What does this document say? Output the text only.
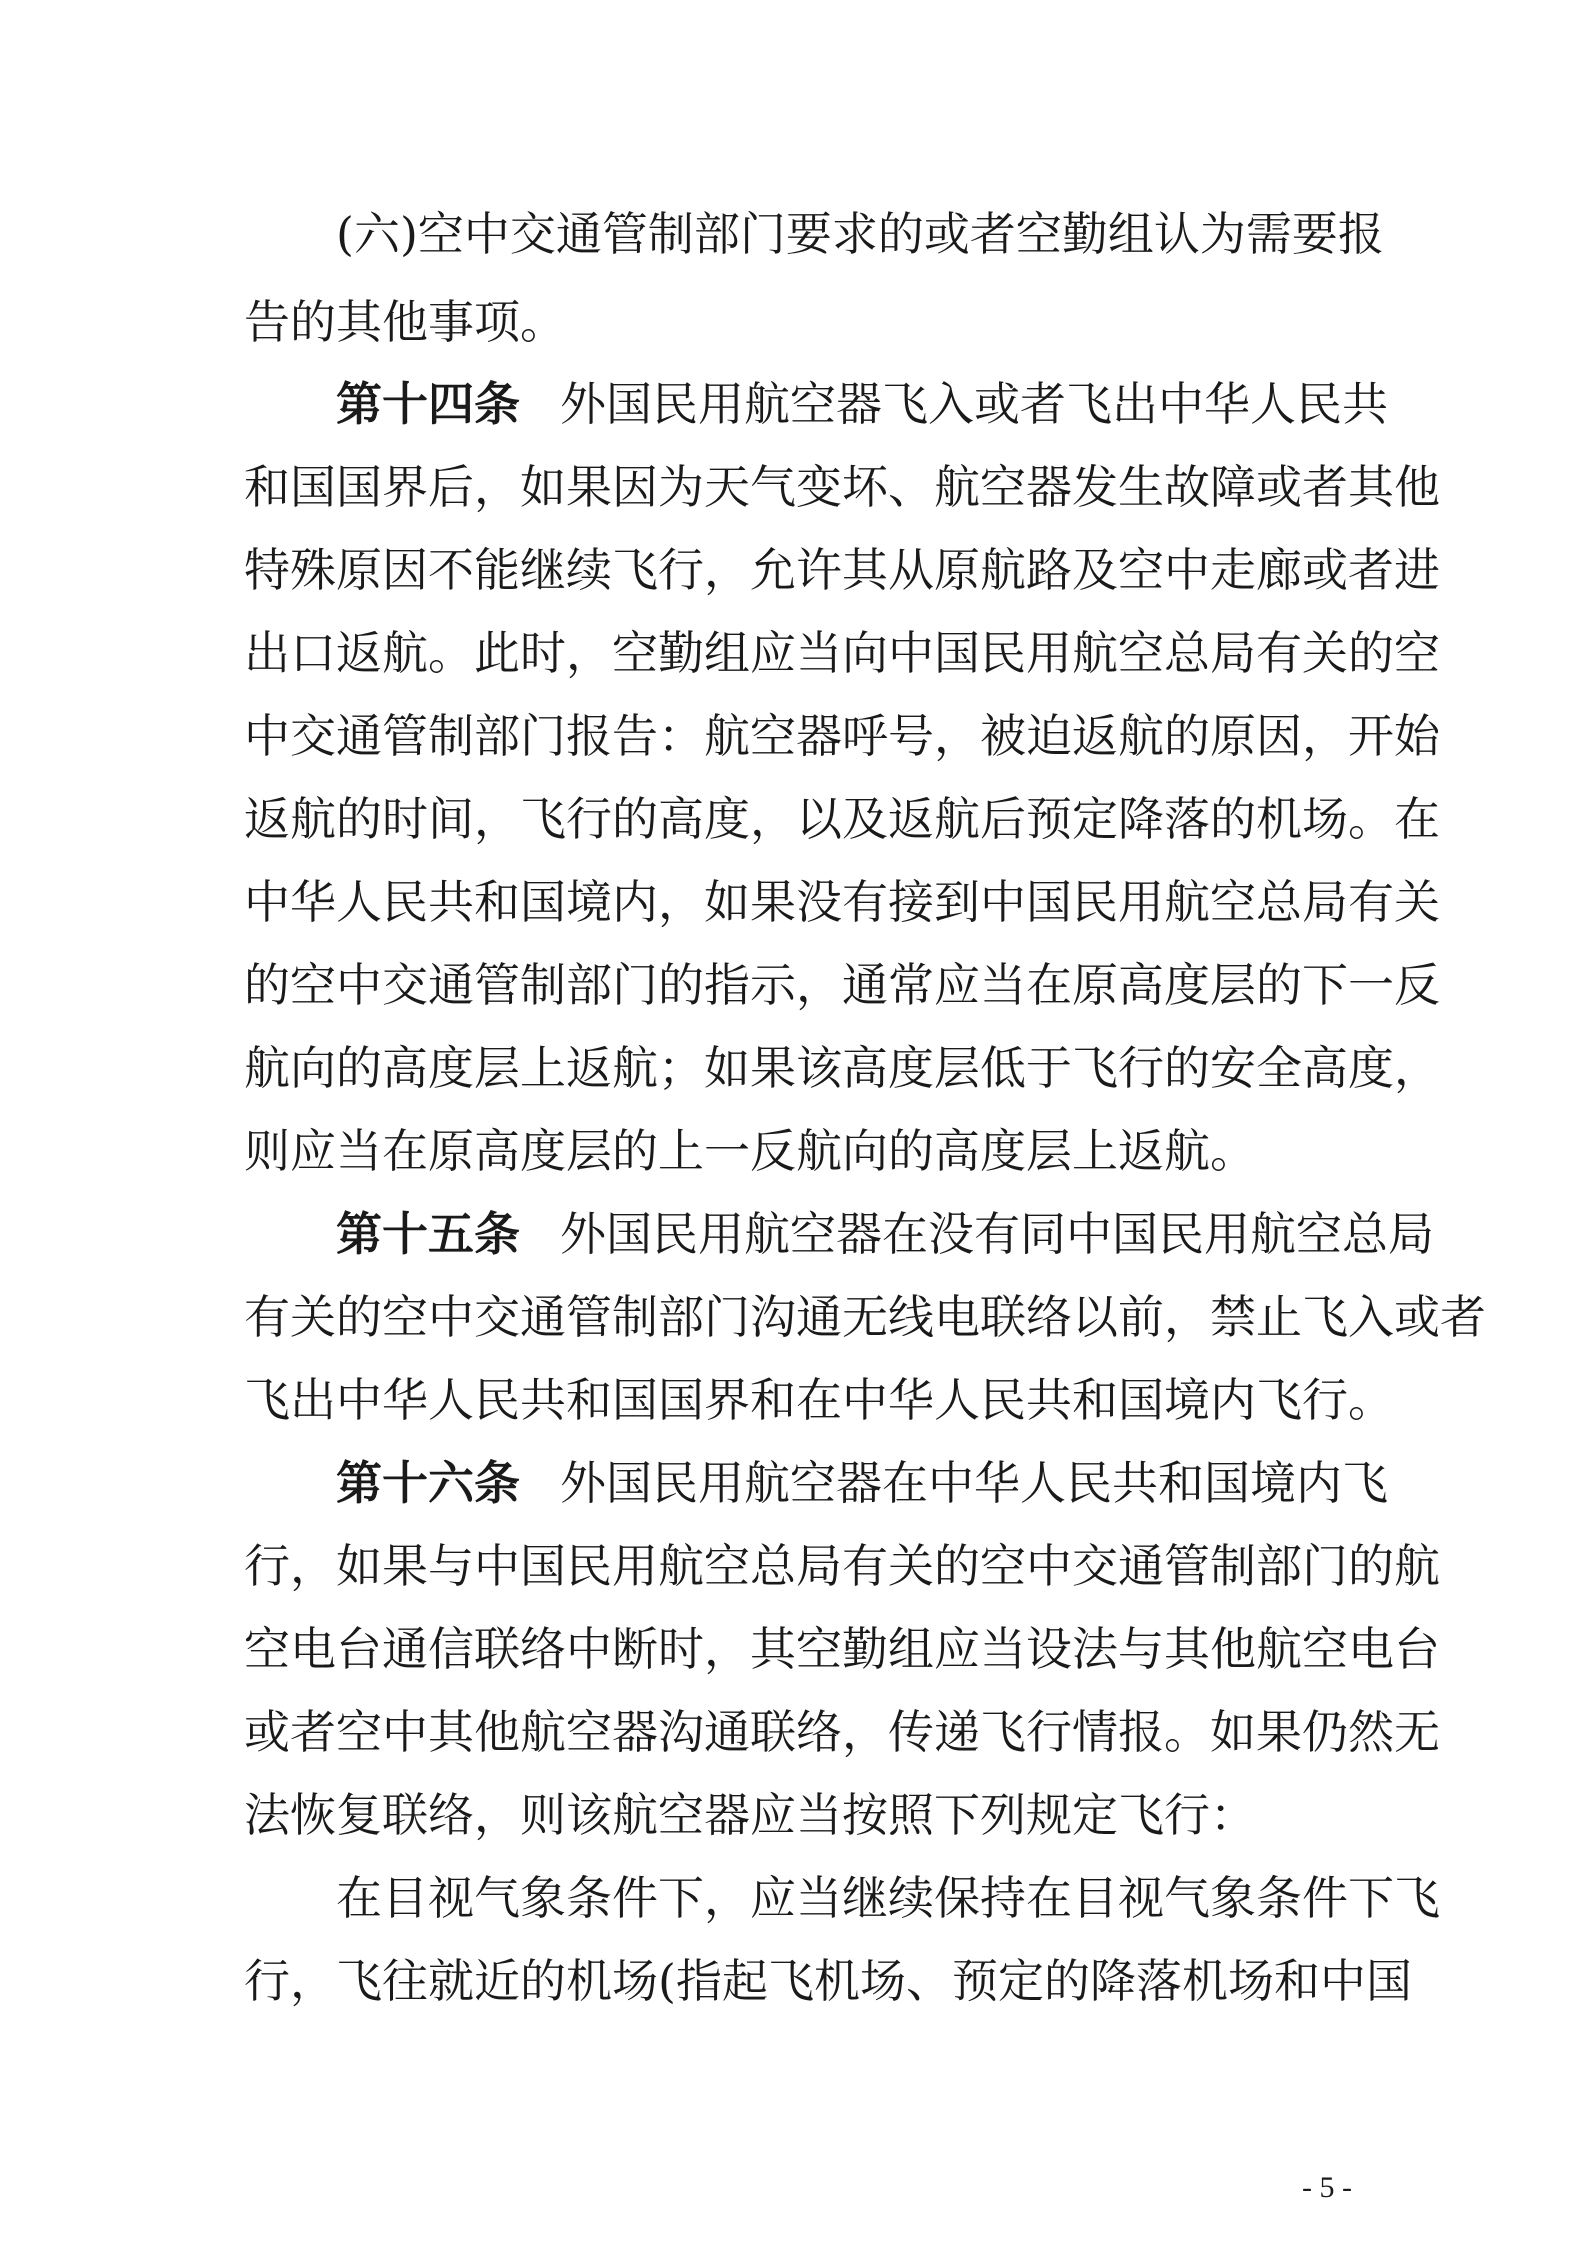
(六)空中交通管制部门要求的或者空勤组认为需要报
告的其他事项。
第十四条 外国民用航空器飞入或者飞出中华人民共
和国国界后，如果因为天气变坏、航空器发生故障或者其他
特殊原因不能继续飞行，允许其从原航路及空中走廊或者进
出口返航。此时，空勤组应当向中国民用航空总局有关的空
中交通管制部门报告：航空器呼号，被迫返航的原因，开始
返航的时间，飞行的高度，以及返航后预定降落的机场。在
中华人民共和国境内，如果没有接到中国民用航空总局有关
的空中交通管制部门的指示，通常应当在原高度层的下一反
航向的高度层上返航；如果该高度层低于飞行的安全高度，
则应当在原高度层的上一反航向的高度层上返航。
第十五条 外国民用航空器在没有同中国民用航空总局
有关的空中交通管制部门沟通无线电联络以前，禁止飞入或者
飞出中华人民共和国国界和在中华人民共和国境内飞行。
第十六条 外国民用航空器在中华人民共和国境内飞
行，如果与中国民用航空总局有关的空中交通管制部门的航
空电台通信联络中断时，其空勤组应当设法与其他航空电台
或者空中其他航空器沟通联络，传递飞行情报。如果仍然无
法恢复联络，则该航空器应当按照下列规定飞行：
在目视气象条件下，应当继续保持在目视气象条件下飞
行，飞往就近的机场(指起飞机场、预定的降落机场和中国
- 5 -
